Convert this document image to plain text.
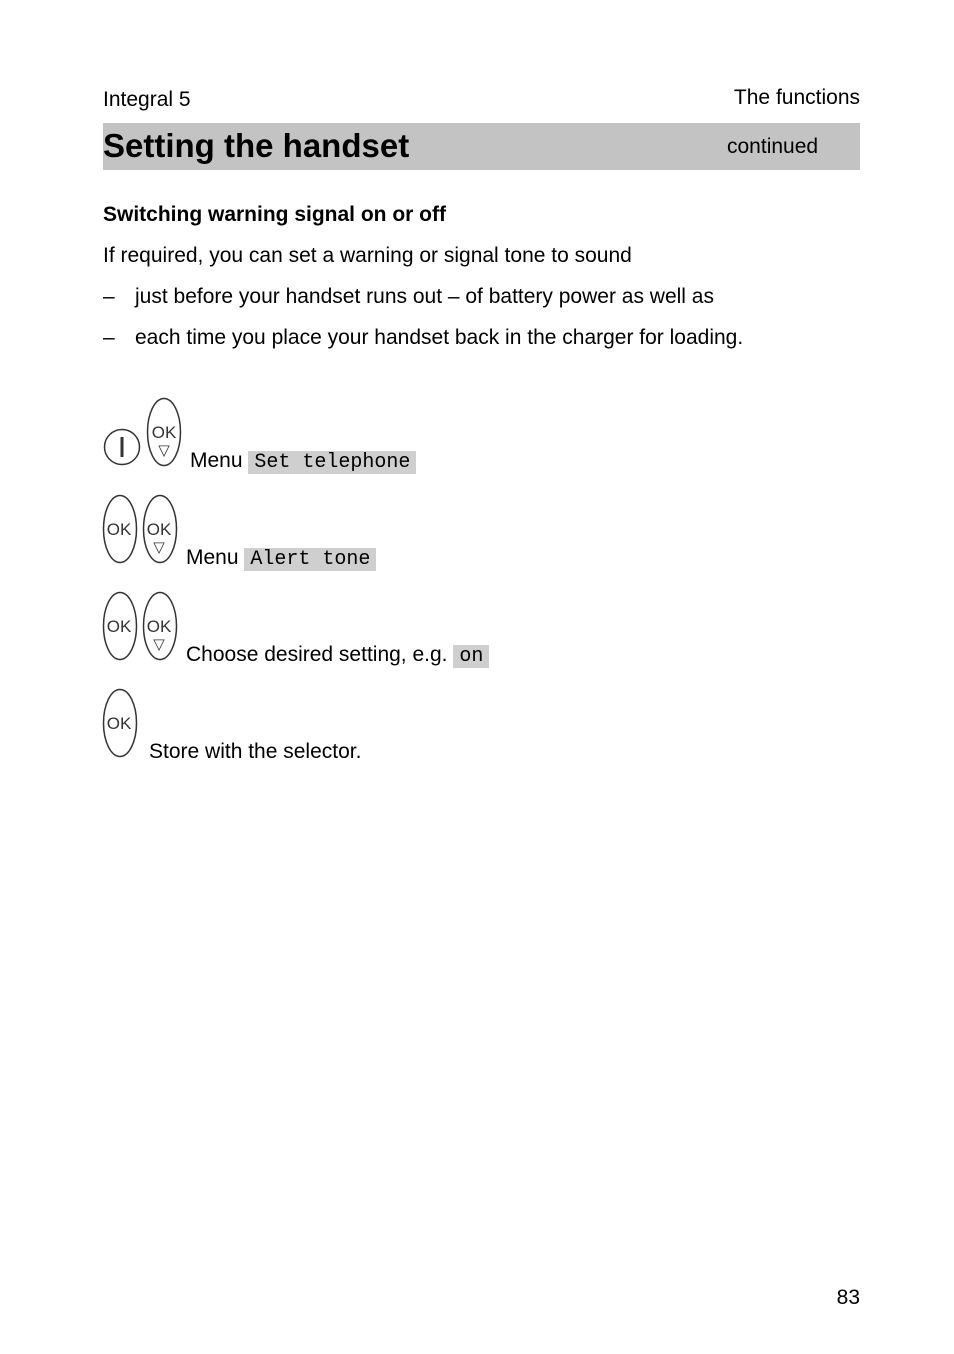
Integral 5	The functions
Setting the handset	continued
Switching warning signal on or off
If required, you can set a warning or signal tone to sound
– just before your handset runs out – of battery power as well as
– each time you place your handset back in the charger for loading.
OK
▽ Menu Set telephone
OK OK
▽ Menu Alert tone
OK OK
▽ Choose desired setting, e.g. on
OK
Store with the selector.
83
